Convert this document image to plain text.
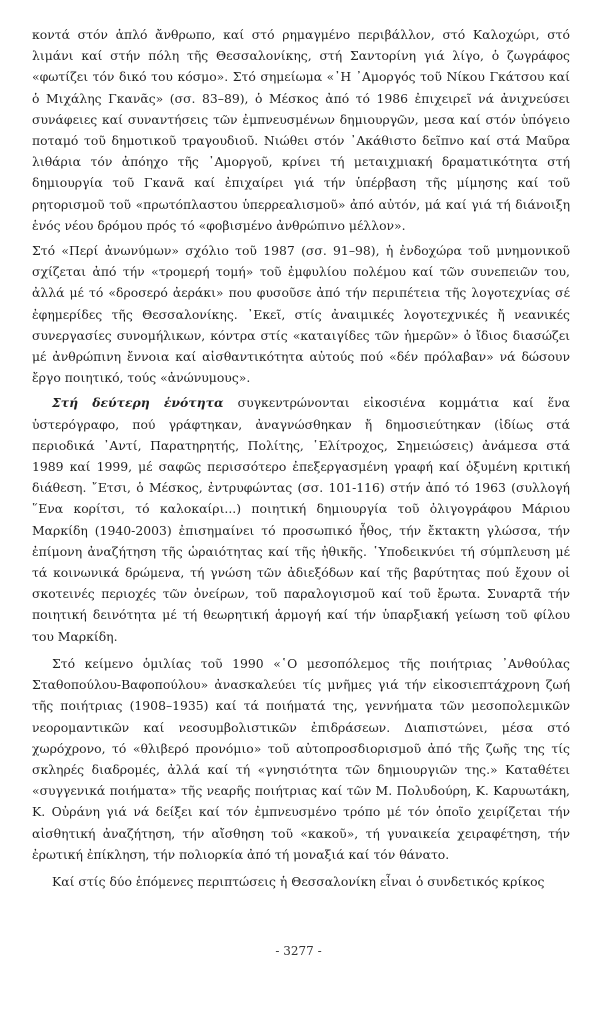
κοντά στόν ἁπλό ἄνθρωπο, καί στό ρημαγμένο περιβάλλον, στό Καλοχώρι, στό λιμάνι καί στήν πόλη τῆς Θεσσαλονίκης, στή Σαντορίνη γιά λίγο, ὁ ζωγράφος «φωτίζει τόν δικό του κόσμο». Στό σημείωμα «᾿Η ᾿Αμοργός τοῦ Νίκου Γκάτσου καί ὁ Μιχάλης Γκανᾶς» (σσ. 83–89), ὁ Μέσκος ἀπό τό 1986 ἐπιχειρεῖ νά ἀνιχνεύσει συνάφειες καί συναντήσεις τῶν ἐμπνευσμένων δημιουργῶν, μεσα καί στόν ὑπόγειο ποταμό τοῦ δημοτικοῦ τραγουδιοῦ. Νιώθει στόν ᾿Ακάθιστο δεῖπνο καί στά Μαῦρα λιθάρια τόν ἀπόηχο τῆς ᾿Αμοργοῦ, κρίνει τή μεταιχμιακή δραματικότητα στή δημιουργία τοῦ Γκανᾶ καί ἐπιχαίρει γιά τήν ὑπέρβαση τῆς μίμησης καί τοῦ ρητορισμοῦ τοῦ «πρωτόπλαστου ὑπερρεαλισμοῦ» ἀπό αὐτόν, μά καί γιά τή διάνοιξη ἑνός νέου δρόμου πρός τό «φοβισμένο ἀνθρώπινο μέλλον».

Στό «Περί ἀνωνύμων» σχόλιο τοῦ 1987 (σσ. 91–98), ἡ ἐνδοχώρα τοῦ μνημονικοῦ σχίζεται ἀπό τήν «τρομερή τομή» τοῦ ἐμφυλίου πολέμου καί τῶν συνεπειῶν του, ἀλλά μέ τό «δροσερό ἀεράκι» που φυσοῦσε ἀπό τήν περιπέτεια τῆς λογοτεχνίας σέ ἐφημερίδες τῆς Θεσσαλονίκης. ᾿Εκεῖ, στίς ἀναιμικές λογοτεχνικές ἤ νεανικές συνεργασίες συνομήλικων, κόντρα στίς «καταιγίδες τῶν ἡμερῶν» ὁ ἴδιος διασώζει μέ ἀνθρώπινη ἔννοια καί αἰσθαντικότητα αὐτούς πού «δέν πρόλαβαν» νά δώσουν ἔργο ποιητικό, τούς «ἀνώνυμους».

Στή δεύτερη ἑνότητα συγκεντρώνονται εἰκοσιένα κομμάτια καί ἕνα ὑστερόγραφο, πού γράφτηκαν, ἀναγνώσθηκαν ἤ δημοσιεύτηκαν (ἰδίως στά περιοδικά ᾿Αντί, Παρατηρητής, Πολίτης, ῾Ελίτροχος, Σημειώσεις) ἀνάμεσα στά 1989 καί 1999, μέ σαφῶς περισσότερο ἐπεξεργασμένη γραφή καί ὀξυμένη κριτική διάθεση. ῎Ετσι, ὁ Μέσκος, ἐντρυφώντας (σσ. 101-116) στήν ἀπό τό 1963 (συλλογή ῞Ενα κορίτσι, τό καλοκαίρι...) ποιητική δημιουργία τοῦ ὀλιγογράφου Μάριου Μαρκίδη (1940-2003) ἐπισημαίνει τό προσωπικό ἦθος, τήν ἔκτακτη γλώσσα, τήν ἐπίμονη ἀναζήτηση τῆς ὡραιότητας καί τῆς ἠθικῆς. ῾Υποδεικνύει τή σύμπλευση μέ τά κοινωνικά δρώμενα, τή γνώση τῶν ἀδιεξόδων καί τῆς βαρύτητας πού ἔχουν οἱ σκοτεινές περιοχές τῶν ὀνείρων, τοῦ παραλογισμοῦ καί τοῦ ἔρωτα. Συναρτᾶ τήν ποιητική δεινότητα μέ τή θεωρητική ἁρμογή καί τήν ὑπαρξιακή γείωση τοῦ φίλου του Μαρκίδη.

Στό κείμενο ὁμιλίας τοῦ 1990 «῾Ο μεσοπόλεμος τῆς ποιήτριας ᾿Ανθούλας Σταθοπούλου-Βαφοπούλου» ἀνασκαλεύει τίς μνῆμες γιά τήν εἰκοσιεπτάχρονη ζωή τῆς ποιήτριας (1908–1935) καί τά ποιήματά της, γεννήματα τῶν μεσοπολεμικῶν νεορομαντικῶν καί νεοσυμβολιστικῶν ἐπιδράσεων. Διαπιστώνει, μέσα στό χωρόχρονο, τό «θλιβερό προνόμιο» τοῦ αὐτοπροσδιορισμοῦ ἀπό τῆς ζωῆς της τίς σκληρές διαδρομές, ἀλλά καί τή «γνησιότητα τῶν δημιουργιῶν της.» Καταθέτει «συγγενικά ποιήματα» τῆς νεαρῆς ποιήτριας καί τῶν Μ. Πολυδούρη, Κ. Καρυωτάκη, Κ. Οὐράνη γιά νά δείξει καί τόν ἐμπνευσμένο τρόπο μέ τόν ὁποῖο χειρίζεται τήν αἰσθητική ἀναζήτηση, τήν αἴσθηση τοῦ «κακοῦ», τή γυναικεία χειραφέτηση, τήν ἐρωτική ἐπίκληση, τήν πολιορκία ἀπό τή μοναξιά καί τόν θάνατο.

Καί στίς δύο ἑπόμενες περιπτώσεις ἡ Θεσσαλονίκη εἶναι ὁ συνδετικός κρίκος

- 3277 -
